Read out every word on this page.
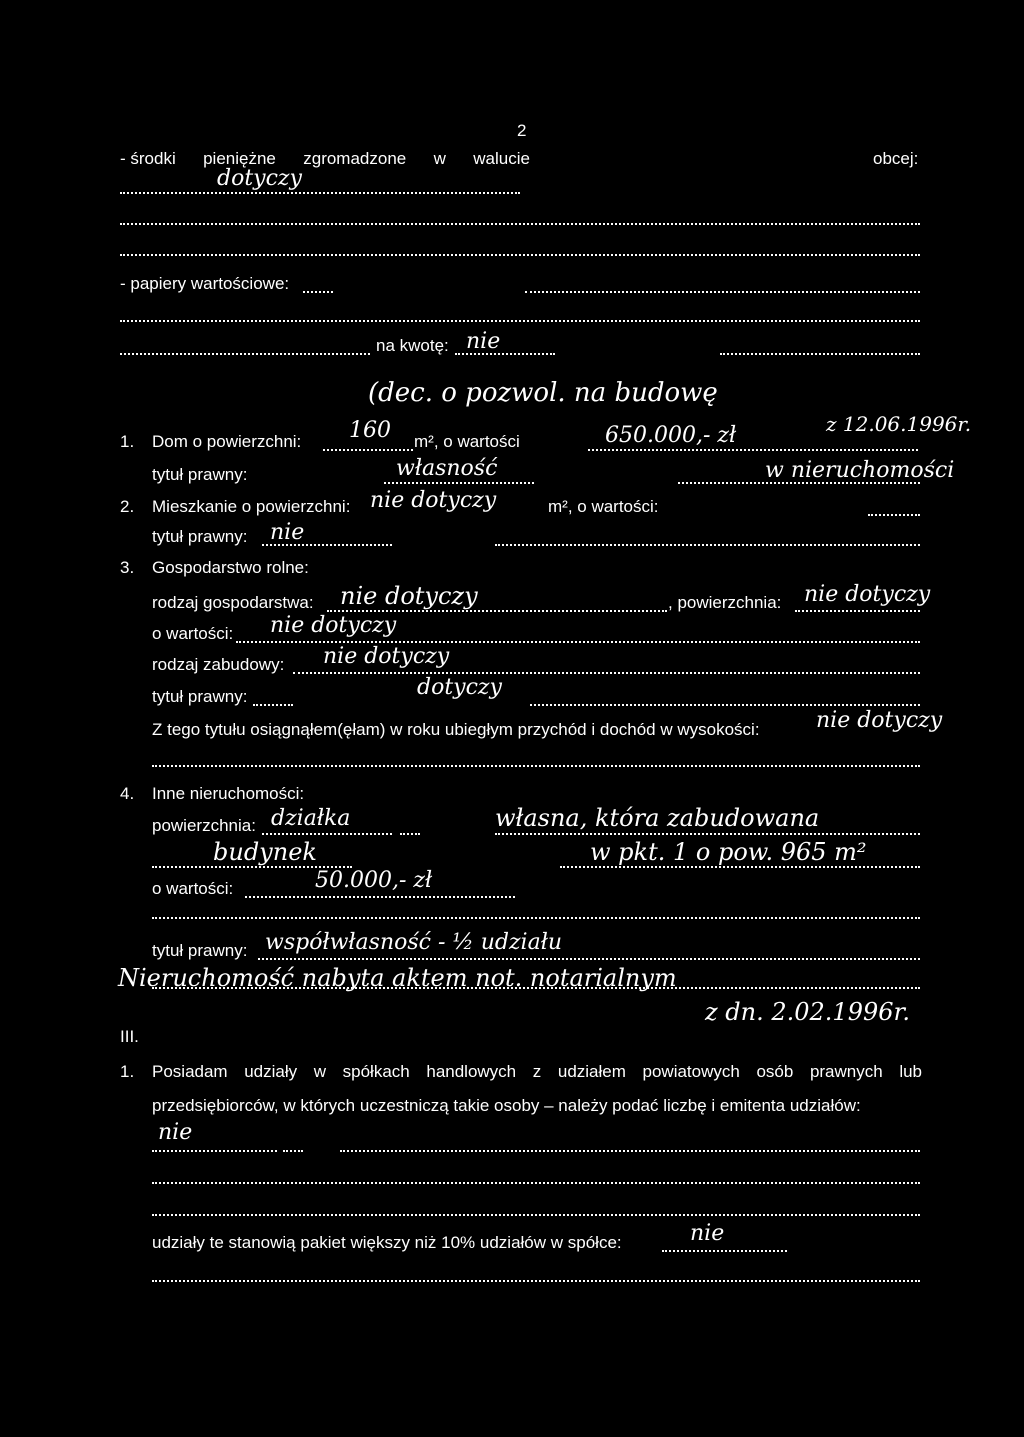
2
- środki pieniężne zgromadzone w walucie	obcej:
dotyczy
- papiery wartościowe:
na kwotę: nie
(dec. o pozwol. na budowę
z 12.06.1996r.
1. Dom o powierzchni: 160 m², o wartości	650.000,- zł
tytuł prawny:	własność	w nieruchomości
2. Mieszkanie o powierzchni: nie dotyczy	m², o wartości:
tytuł prawny: nie
3. Gospodarstwo rolne:
rodzaj gospodarstwa: nie dotyczy	, powierzchnia: nie dotyczy
o wartości: nie dotyczy
rodzaj zabudowy: nie dotyczy
tytuł prawny:	dotyczy
Z tego tytułu osiągnąłem(ęłam) w roku ubiegłym przychód i dochód w wysokości:	nie dotyczy
4. Inne nieruchomości:
powierzchnia: działka	własna, która zabudowana
budynek	w pkt. 1 o pow. 965 m²
o wartości:	50.000,- zł
tytuł prawny: współwłasność - ½ udziału
Nieruchomość nabyta aktem not. notarialnym
z dn. 2.02.1996r.
III.
1. Posiadam udziały w spółkach handlowych z udziałem powiatowych osób prawnych lub
przedsiębiorców, w których uczestniczą takie osoby – należy podać liczbę i emitenta udziałów:
nie
udziały te stanowią pakiet większy niż 10% udziałów w spółce:	nie
